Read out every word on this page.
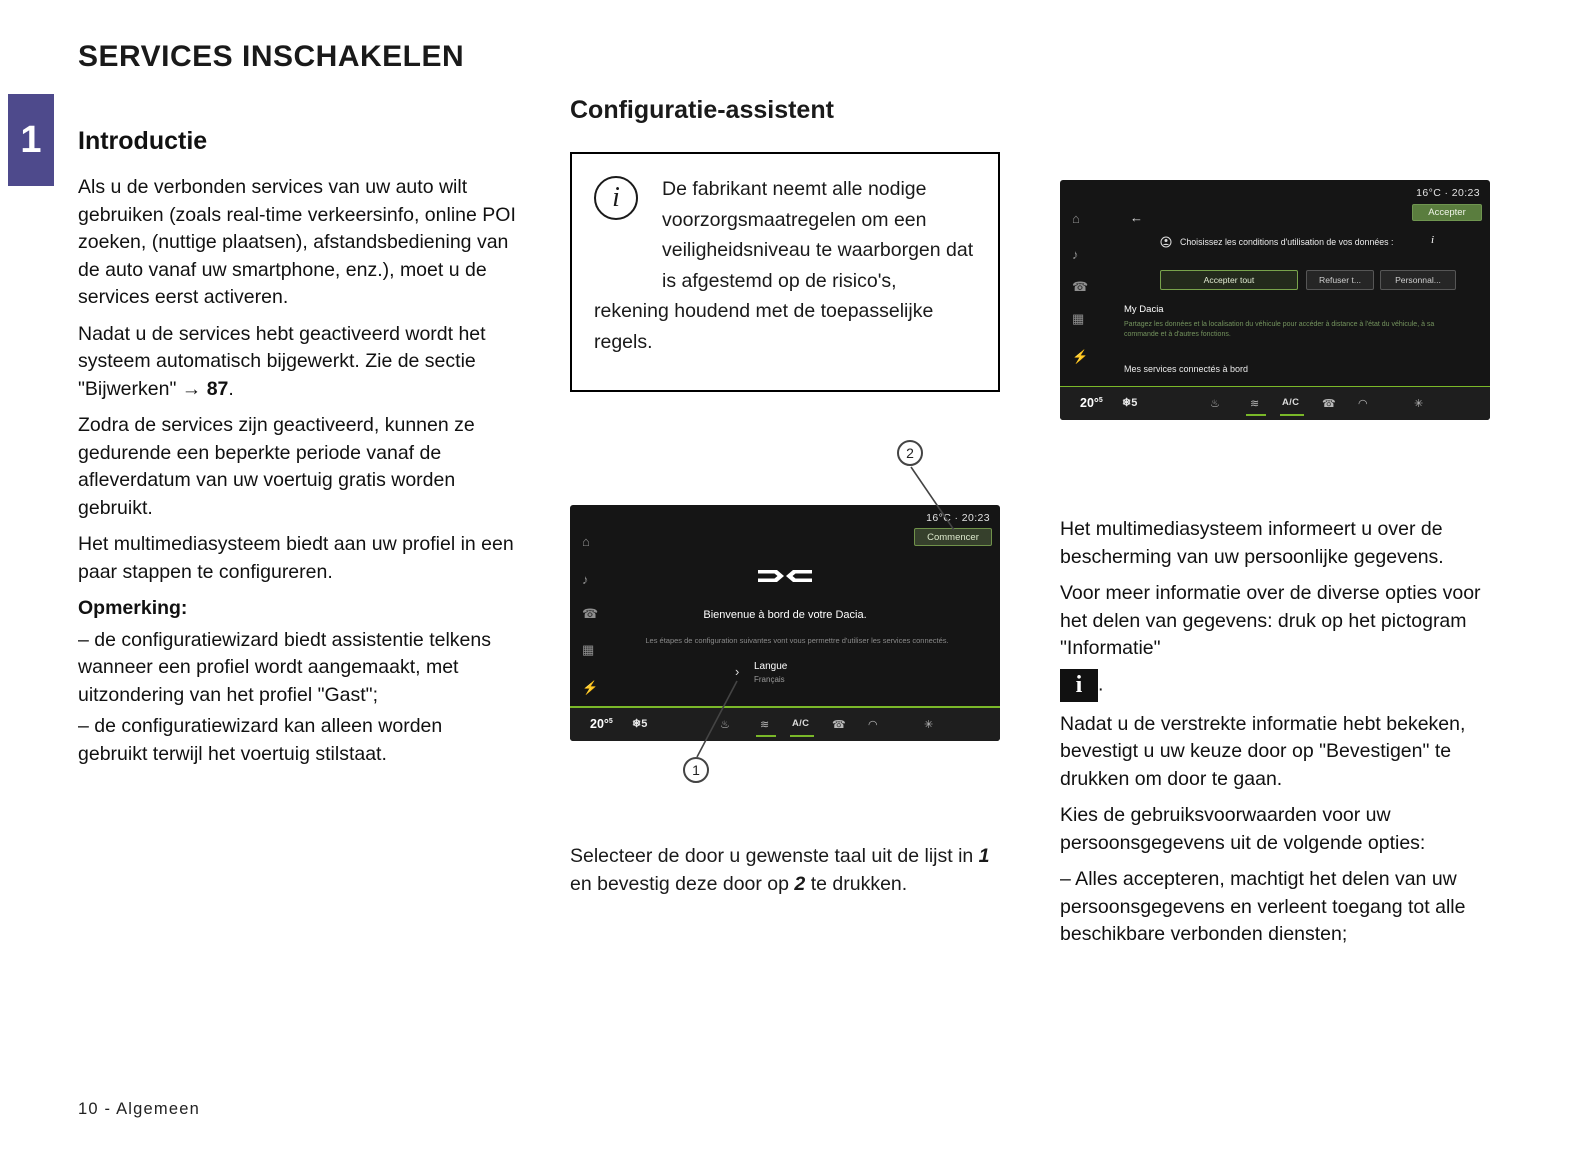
SERVICES INSCHAKELEN
1	Introductie

Als u de verbonden services van uw auto wilt gebruiken (zoals real-time verkeersinfo, online POI zoeken, (nuttige plaatsen), afstandsbediening van de auto vanaf uw smartphone, enz.), moet u de services eerst activeren.

Nadat u de services hebt geactiveerd wordt het systeem automatisch bijgewerkt. Zie de sectie "Bijwerken" → 87.

Zodra de services zijn geactiveerd, kunnen ze gedurende een beperkte periode vanaf de afleverdatum van uw voertuig gratis worden gebruikt.

Het multimediasysteem biedt aan uw profiel in een paar stappen te configureren.

Opmerking:

– de configuratiewizard biedt assistentie telkens wanneer een profiel wordt aangemaakt, met uitzondering van het profiel "Gast";

– de configuratiewizard kan alleen worden gebruikt terwijl het voertuig stilstaat.

Configuratie-assistent
i	De fabrikant neemt alle nodige voorzorgsmaatregelen om een veiligheidsniveau te waarborgen dat is afgestemd op de risico's, rekening houdend met de toepasselijke regels.
16°C · 20:23
Commencer
⌂
♪
☎
▦
⚡
Bienvenue à bord de votre Dacia.
Les étapes de configuration suivantes vont vous permettre d'utiliser les services connectés.
› Langue
Français
20°$^5$ ❄5	♨	≋ A/C ☎ ◠	✳
2
1
Selecteer de door u gewenste taal uit de lijst in 1 en bevestig deze door op 2 te drukken.
16°C · 20:23
Accepter
←
⌂
♪
☎
▦
⚡
Choisissez les conditions d'utilisation de vos données :	i
Accepter tout	Refuser t...	Personnal...
My Dacia
Partagez les données et la localisation du véhicule pour accéder à distance à l'état du véhicule, à sa commande et à d'autres fonctions.
Mes services connectés à bord
20°$^5$ ❄5	♨	≋ A/C ☎ ◠	✳

Het multimediasysteem informeert u over de bescherming van uw persoonlijke gegevens.

Voor meer informatie over de diverse opties voor het delen van gegevens: druk op het pictogram "Informatie"

i .

Nadat u de verstrekte informatie hebt bekeken, bevestigt u uw keuze door op "Bevestigen" te drukken om door te gaan.

Kies de gebruiksvoorwaarden voor uw persoonsgegevens uit de volgende opties:

– Alles accepteren, machtigt het delen van uw persoonsgegevens en verleent toegang tot alle beschikbare verbonden diensten;

10 - Algemeen
